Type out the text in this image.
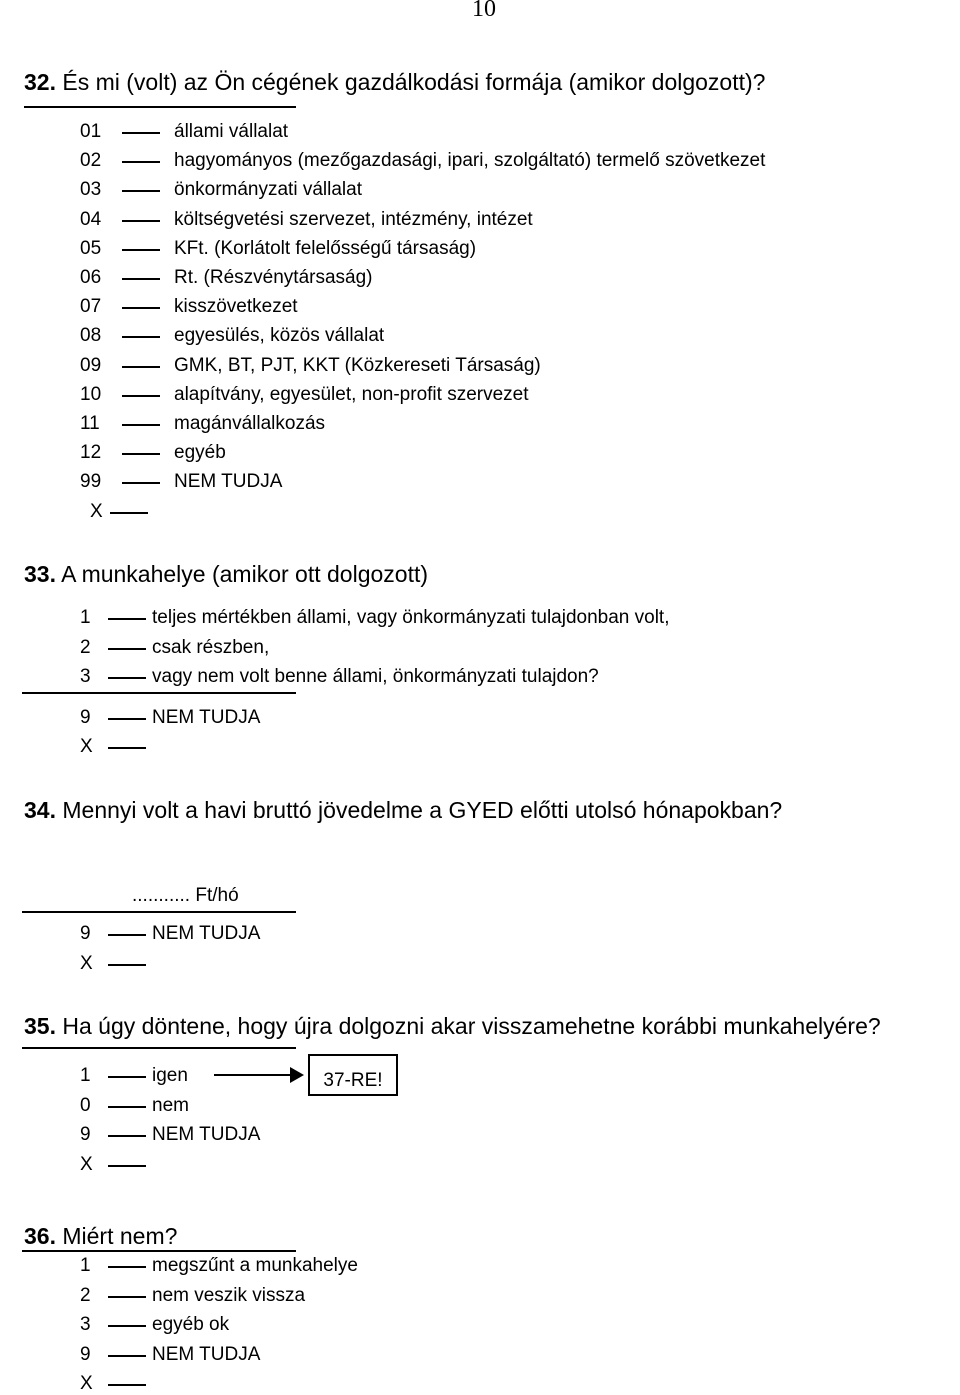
10
32. És mi (volt) az Ön cégének gazdálkodási formája (amikor dolgozott)?
01	állami vállalat
02	hagyományos (mezőgazdasági, ipari, szolgáltató) termelő szövetkezet
03	önkormányzati vállalat
04	költségvetési szervezet, intézmény, intézet
05	KFt. (Korlátolt felelősségű társaság)
06	Rt. (Részvénytársaság)
07	kisszövetkezet
08	egyesülés, közös vállalat
09	GMK, BT, PJT, KKT (Közkereseti Társaság)
10	alapítvány, egyesület, non-profit szervezet
11	magánvállalkozás
12	egyéb
99	NEM TUDJA
X
33. A munkahelye (amikor ott dolgozott)
1	teljes mértékben állami, vagy önkormányzati tulajdonban volt,
2	csak részben,
3	vagy nem volt benne állami, önkormányzati tulajdon?
9	NEM TUDJA
X
34. Mennyi volt a havi bruttó jövedelme a GYED előtti utolsó hónapokban?
........... Ft/hó
9	NEM TUDJA
X
35. Ha úgy döntene, hogy újra dolgozni akar visszamehetne korábbi munkahelyére?
1	igen
0	nem
9	NEM TUDJA
X
37-RE!
36. Miért nem?
1	megszűnt a munkahelye
2	nem veszik vissza
3	egyéb ok
9	NEM TUDJA
X
